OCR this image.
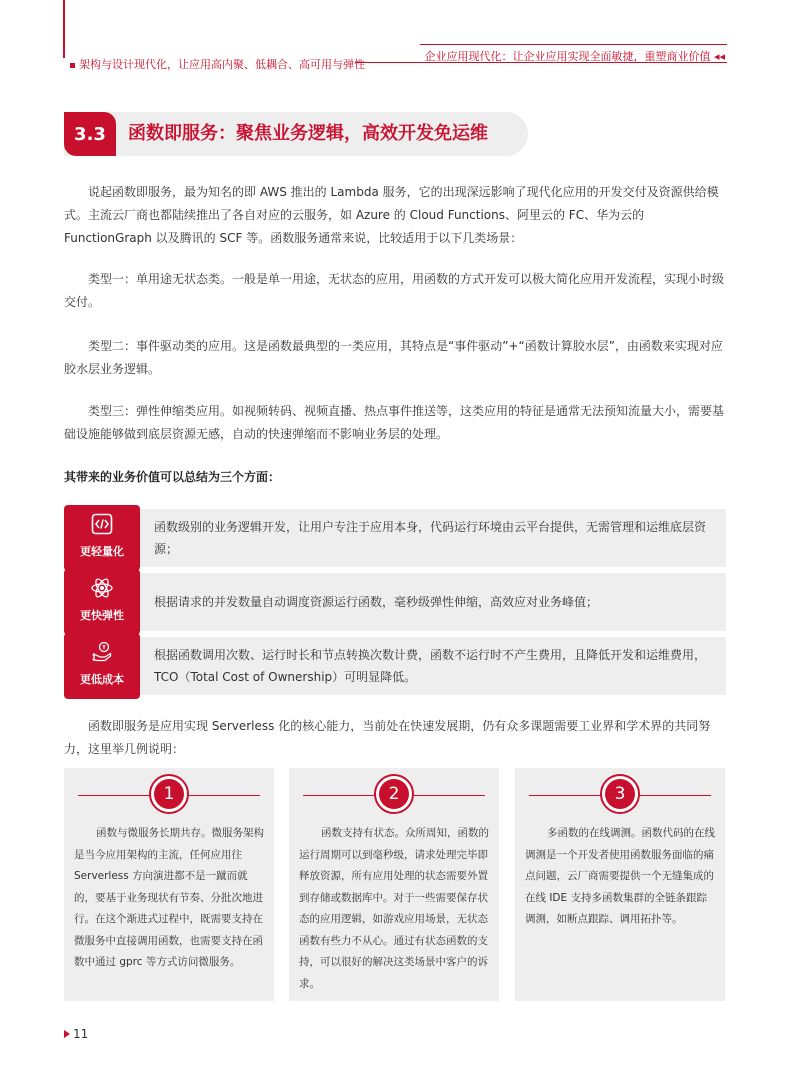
架构与设计现代化，让应用高内聚、低耦合、高可用与弹性
企业应用现代化：让企业应用实现全面敏捷，重塑商业价值 ◂◂
3.3	函数即服务：聚焦业务逻辑，高效开发免运维

说起函数即服务，最为知名的即 AWS 推出的 Lambda 服务，它的出现深远影响了现代化应用的开发交付及资源供给模式。主流云厂商也都陆续推出了各自对应的云服务，如 Azure 的 Cloud Functions、阿里云的 FC、华为云的 FunctionGraph 以及腾讯的 SCF 等。函数服务通常来说，比较适用于以下几类场景：

类型一：单用途无状态类。一般是单一用途，无状态的应用，用函数的方式开发可以极大简化应用开发流程，实现小时级交付。

类型二：事件驱动类的应用。这是函数最典型的一类应用，其特点是“事件驱动”+“函数计算胶水层”，由函数来实现对应胶水层业务逻辑。

类型三：弹性伸缩类应用。如视频转码、视频直播、热点事件推送等，这类应用的特征是通常无法预知流量大小，需要基础设施能够做到底层资源无感，自动的快速弹缩而不影响业务层的处理。

其带来的业务价值可以总结为三个方面：
更轻量化
函数级别的业务逻辑开发，让用户专注于应用本身，代码运行环境由云平台提供，无需管理和运维底层资源；
更快弹性
根据请求的并发数量自动调度资源运行函数，毫秒级弹性伸缩，高效应对业务峰值；
更低成本
根据函数调用次数、运行时长和节点转换次数计费，函数不运行时不产生费用，且降低开发和运维费用，TCO（Total Cost of Ownership）可明显降低。

函数即服务是应用实现 Serverless 化的核心能力，当前处在快速发展期，仍有众多课题需要工业界和学术界的共同努力，这里举几例说明：

1

函数与微服务长期共存。微服务架构是当今应用架构的主流，任何应用往 Serverless 方向演进都不是一蹴而就的，要基于业务现状有节奏、分批次地进行。在这个渐进式过程中，既需要支持在微服务中直接调用函数，也需要支持在函数中通过 gprc 等方式访问微服务。

2

函数支持有状态。众所周知，函数的运行周期可以到毫秒级，请求处理完毕即释放资源，所有应用处理的状态需要外置到存储或数据库中。对于一些需要保存状态的应用逻辑，如游戏应用场景，无状态函数有些力不从心。通过有状态函数的支持，可以很好的解决这类场景中客户的诉求。

3

多函数的在线调测。函数代码的在线调测是一个开发者使用函数服务面临的痛点问题，云厂商需要提供一个无缝集成的在线 IDE 支持多函数集群的全链条跟踪调测，如断点跟踪、调用拓扑等。

11
